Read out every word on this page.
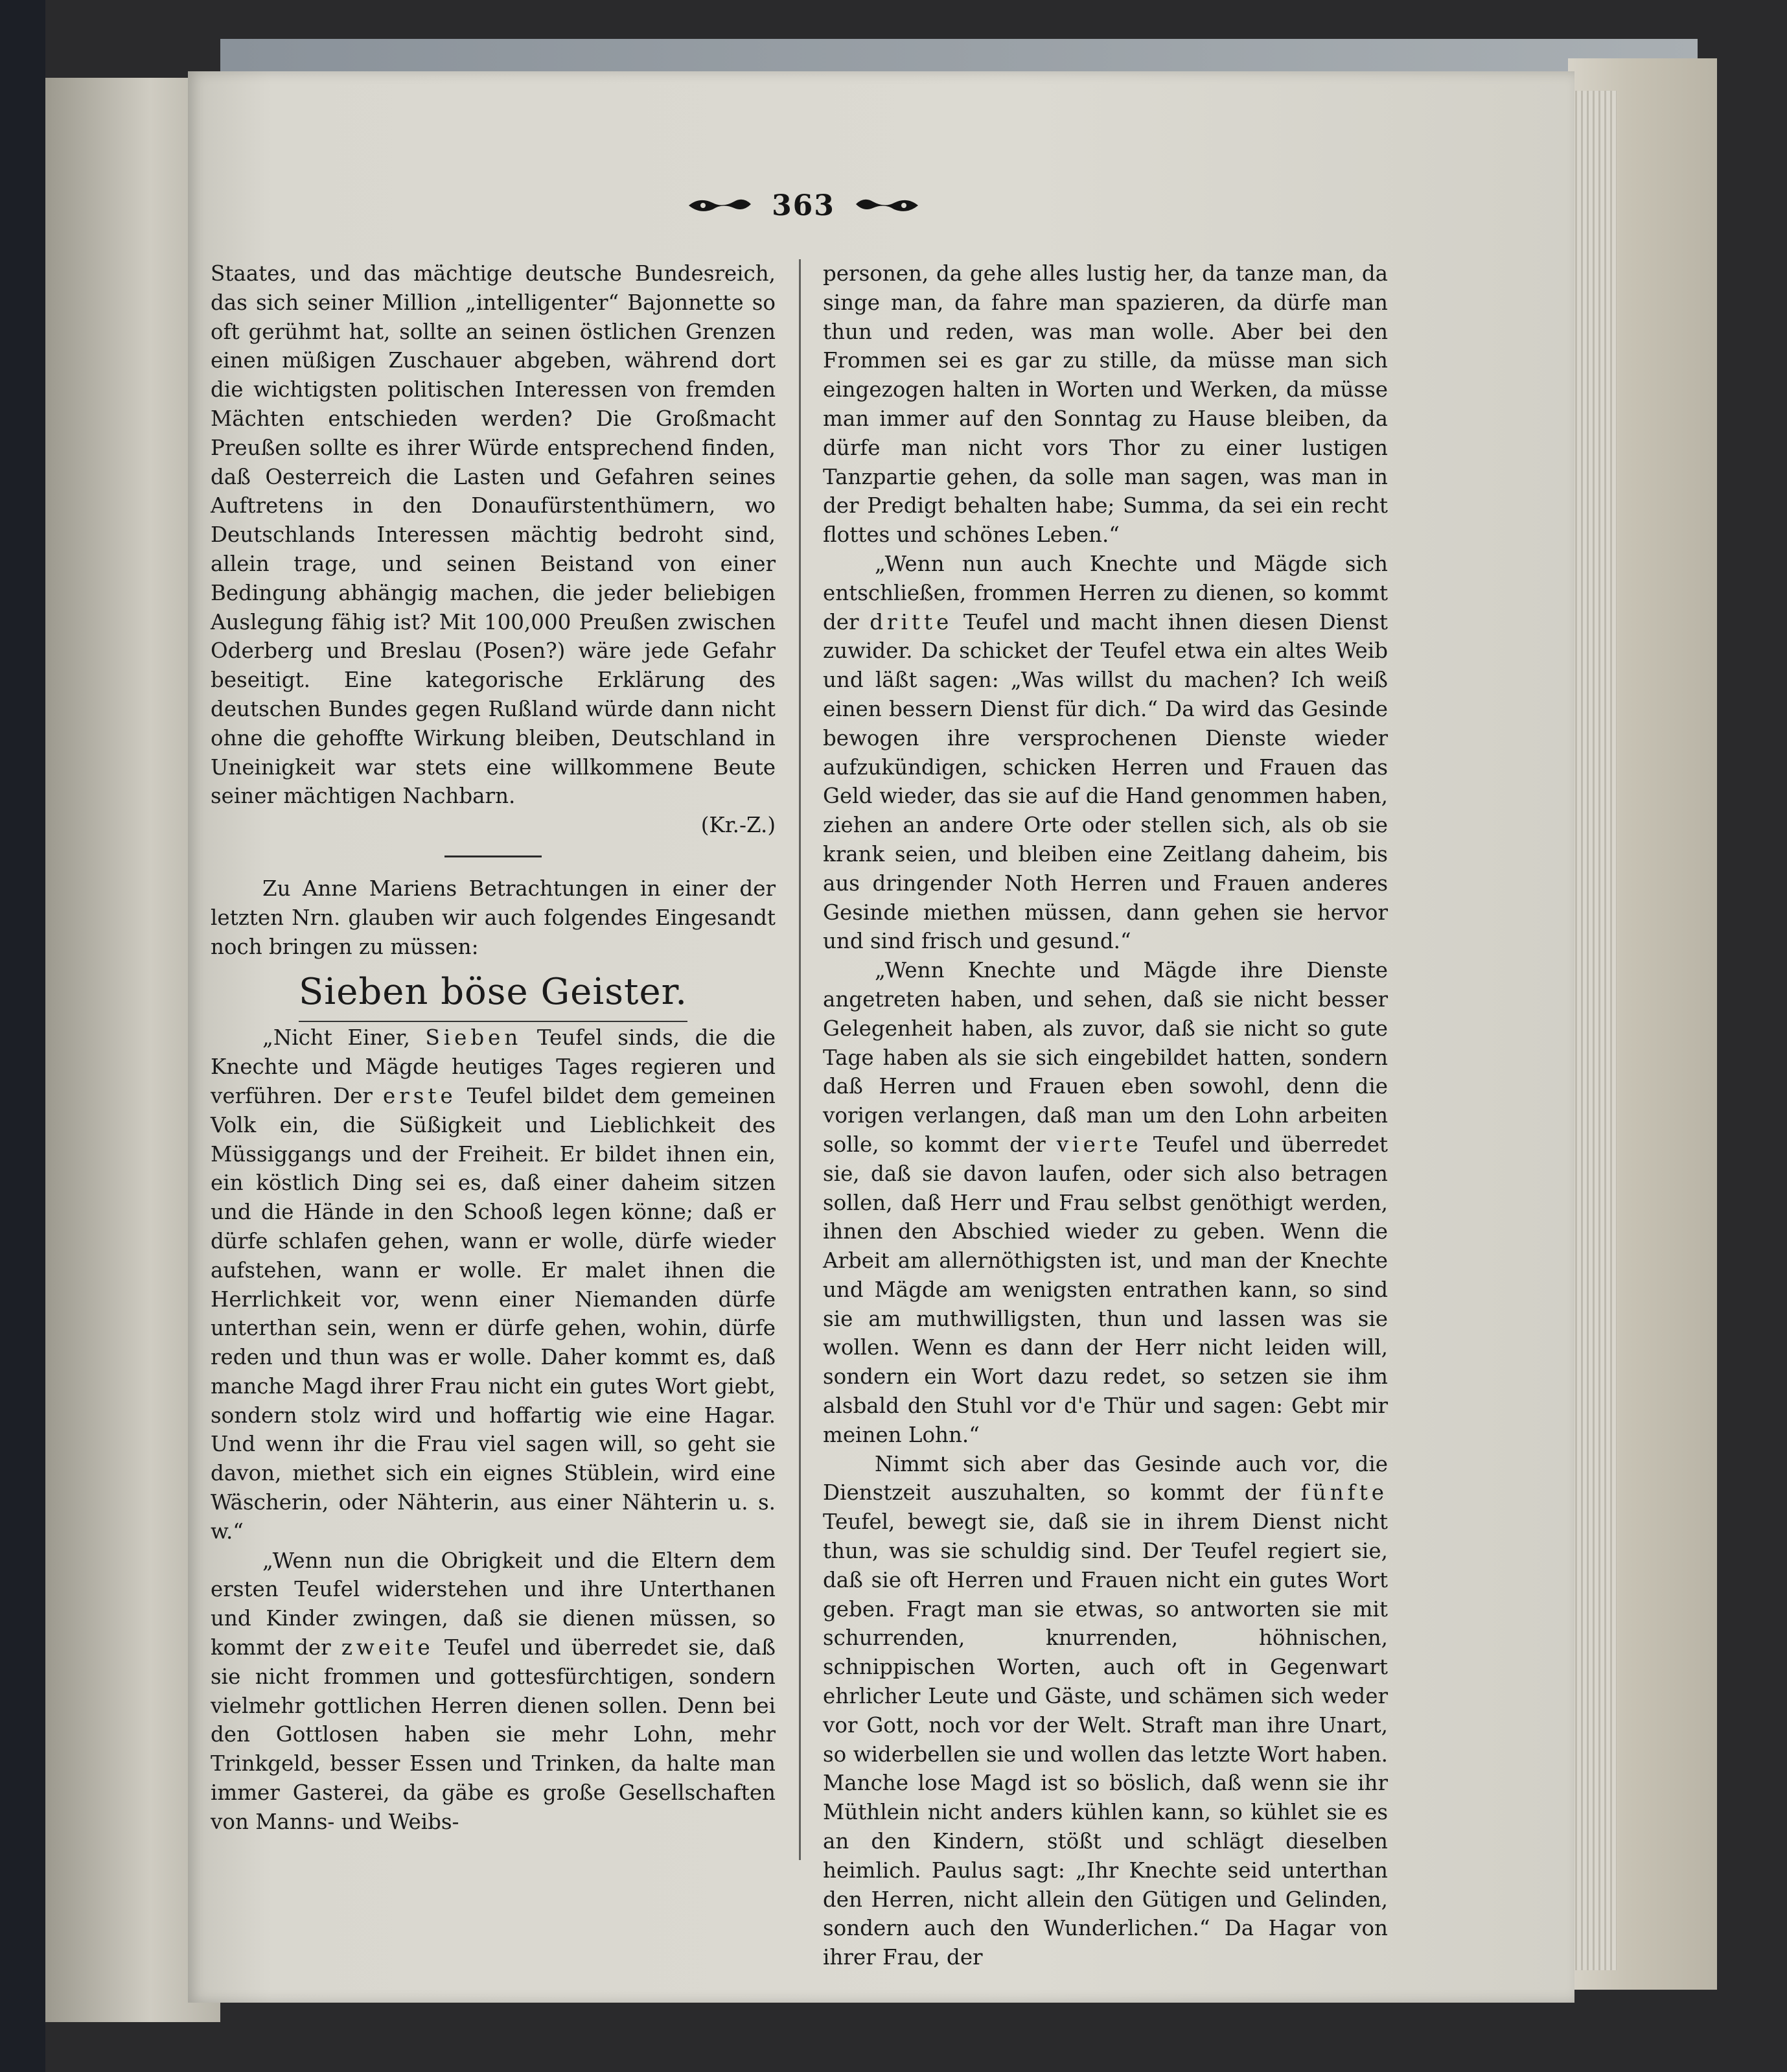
363

Staates, und das mächtige deutsche Bundesreich, das sich seiner Million „intelligenter“ Bajonnette so oft gerühmt hat, sollte an seinen östlichen Grenzen einen müßigen Zuschauer abgeben, während dort die wichtigsten politischen Interessen von fremden Mächten entschieden werden? Die Großmacht Preußen sollte es ihrer Würde entsprechend finden, daß Oesterreich die Lasten und Gefahren seines Auftretens in den Donaufürstenthümern, wo Deutschlands Interessen mächtig bedroht sind, allein trage, und seinen Beistand von einer Bedingung abhängig machen, die jeder beliebigen Auslegung fähig ist? Mit 100,000 Preußen zwischen Oderberg und Breslau (Posen?) wäre jede Gefahr beseitigt. Eine kategorische Erklärung des deutschen Bundes gegen Rußland würde dann nicht ohne die gehoffte Wirkung bleiben, Deutschland in Uneinigkeit war stets eine willkommene Beute seiner mächtigen Nachbarn.

(Kr.-Z.)

Zu Anne Mariens Betrachtungen in einer der letzten Nrn. glauben wir auch folgendes Eingesandt noch bringen zu müssen:

Sieben böse Geister.

„Nicht Einer, Sieben Teufel sinds, die die Knechte und Mägde heutiges Tages regieren und verführen. Der erste Teufel bildet dem gemeinen Volk ein, die Süßigkeit und Lieblichkeit des Müssiggangs und der Freiheit. Er bildet ihnen ein, ein köstlich Ding sei es, daß einer daheim sitzen und die Hände in den Schooß legen könne; daß er dürfe schlafen gehen, wann er wolle, dürfe wieder aufstehen, wann er wolle. Er malet ihnen die Herrlichkeit vor, wenn einer Niemanden dürfe unterthan sein, wenn er dürfe gehen, wohin, dürfe reden und thun was er wolle. Daher kommt es, daß manche Magd ihrer Frau nicht ein gutes Wort giebt, sondern stolz wird und hoffartig wie eine Hagar. Und wenn ihr die Frau viel sagen will, so geht sie davon, miethet sich ein eignes Stüblein, wird eine Wäscherin, oder Nähterin, aus einer Nähterin u. s. w.“

„Wenn nun die Obrigkeit und die Eltern dem ersten Teufel widerstehen und ihre Unterthanen und Kinder zwingen, daß sie dienen müssen, so kommt der zweite Teufel und überredet sie, daß sie nicht frommen und gottesfürchtigen, sondern vielmehr gottlichen Herren dienen sollen. Denn bei den Gottlosen haben sie mehr Lohn, mehr Trinkgeld, besser Essen und Trinken, da halte man immer Gasterei, da gäbe es große Gesellschaften von Manns- und Weibs-

personen, da gehe alles lustig her, da tanze man, da singe man, da fahre man spazieren, da dürfe man thun und reden, was man wolle. Aber bei den Frommen sei es gar zu stille, da müsse man sich eingezogen halten in Worten und Werken, da müsse man immer auf den Sonntag zu Hause bleiben, da dürfe man nicht vors Thor zu einer lustigen Tanzpartie gehen, da solle man sagen, was man in der Predigt behalten habe; Summa, da sei ein recht flottes und schönes Leben.“

„Wenn nun auch Knechte und Mägde sich entschließen, frommen Herren zu dienen, so kommt der dritte Teufel und macht ihnen diesen Dienst zuwider. Da schicket der Teufel etwa ein altes Weib und läßt sagen: „Was willst du machen? Ich weiß einen bessern Dienst für dich.“ Da wird das Gesinde bewogen ihre versprochenen Dienste wieder aufzukündigen, schicken Herren und Frauen das Geld wieder, das sie auf die Hand genommen haben, ziehen an andere Orte oder stellen sich, als ob sie krank seien, und bleiben eine Zeitlang daheim, bis aus dringender Noth Herren und Frauen anderes Gesinde miethen müssen, dann gehen sie hervor und sind frisch und gesund.“

„Wenn Knechte und Mägde ihre Dienste angetreten haben, und sehen, daß sie nicht besser Gelegenheit haben, als zuvor, daß sie nicht so gute Tage haben als sie sich eingebildet hatten, sondern daß Herren und Frauen eben sowohl, denn die vorigen verlangen, daß man um den Lohn arbeiten solle, so kommt der vierte Teufel und überredet sie, daß sie davon laufen, oder sich also betragen sollen, daß Herr und Frau selbst genöthigt werden, ihnen den Abschied wieder zu geben. Wenn die Arbeit am allernöthigsten ist, und man der Knechte und Mägde am wenigsten entrathen kann, so sind sie am muthwilligsten, thun und lassen was sie wollen. Wenn es dann der Herr nicht leiden will, sondern ein Wort dazu redet, so setzen sie ihm alsbald den Stuhl vor d'e Thür und sagen: Gebt mir meinen Lohn.“

Nimmt sich aber das Gesinde auch vor, die Dienstzeit auszuhalten, so kommt der fünfte Teufel, bewegt sie, daß sie in ihrem Dienst nicht thun, was sie schuldig sind. Der Teufel regiert sie, daß sie oft Herren und Frauen nicht ein gutes Wort geben. Fragt man sie etwas, so antworten sie mit schurrenden, knurrenden, höhnischen, schnippischen Worten, auch oft in Gegenwart ehrlicher Leute und Gäste, und schämen sich weder vor Gott, noch vor der Welt. Straft man ihre Unart, so widerbellen sie und wollen das letzte Wort haben. Manche lose Magd ist so böslich, daß wenn sie ihr Müthlein nicht anders kühlen kann, so kühlet sie es an den Kindern, stößt und schlägt dieselben heimlich. Paulus sagt: „Ihr Knechte seid unterthan den Herren, nicht allein den Gütigen und Gelinden, sondern auch den Wunderlichen.“ Da Hagar von ihrer Frau, der
